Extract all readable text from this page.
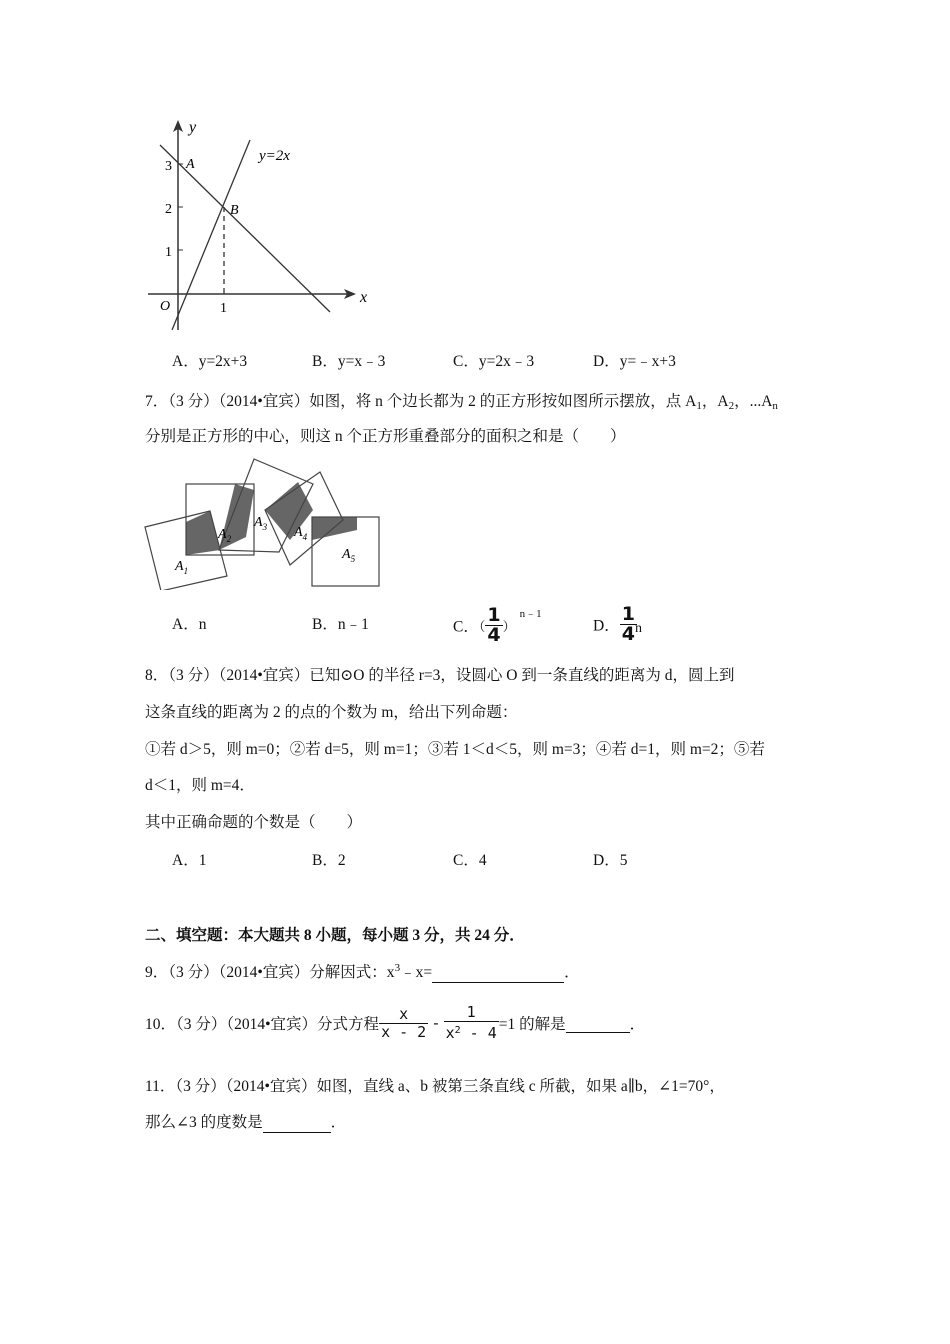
y
x
y=2x
A
B
O
3
2
1
1
A．y=2x+3	B．y=x﹣3	C．y=2x﹣3	D．y=﹣x+3
7．（3 分）（2014•宜宾）如图，将 n 个边长都为 2 的正方形按如图所示摆放，点 $A_1$，$A_2$，$...A_n$
分别是正方形的中心，则这 n 个正方形重叠部分的面积之和是（　　）
$A_1$
$A_2$
$A_3$ $A_4$
$A_5$
A．n	B．n﹣1	C．（ $\frac{1}{4} )^{n﹣1}$
D． $\frac{1}{4}$
n
8．（3 分）（2014•宜宾）已知⊙O 的半径 r=3，设圆心 O 到一条直线的距离为 d，圆上到
这条直线的距离为 2 的点的个数为 m，给出下列命题：
①若 d＞5，则 m=0；②若 d=5，则 m=1；③若 1＜d＜5，则 m=3；④若 d=1，则 m=2；⑤若
d＜1，则 m=4．
其中正确命题的个数是（　　）
A．1	B．2	C．4	D．5
二、填空题：本大题共 8 小题，每小题 3 分，共 24 分．
9．（3 分）（2014•宜宾）分解因式：$x^3﹣x=$	．
10．（3 分）（2014•宜宾）分式方程 $\frac{x}{x - 2} - \frac{1}{x^2 - 4} =1$ 的解是	．
11．（3 分）（2014•宜宾）如图，直线 a、b 被第三条直线 c 所截，如果 a∥b，∠1=70°，
那么∠3 的度数是	．
